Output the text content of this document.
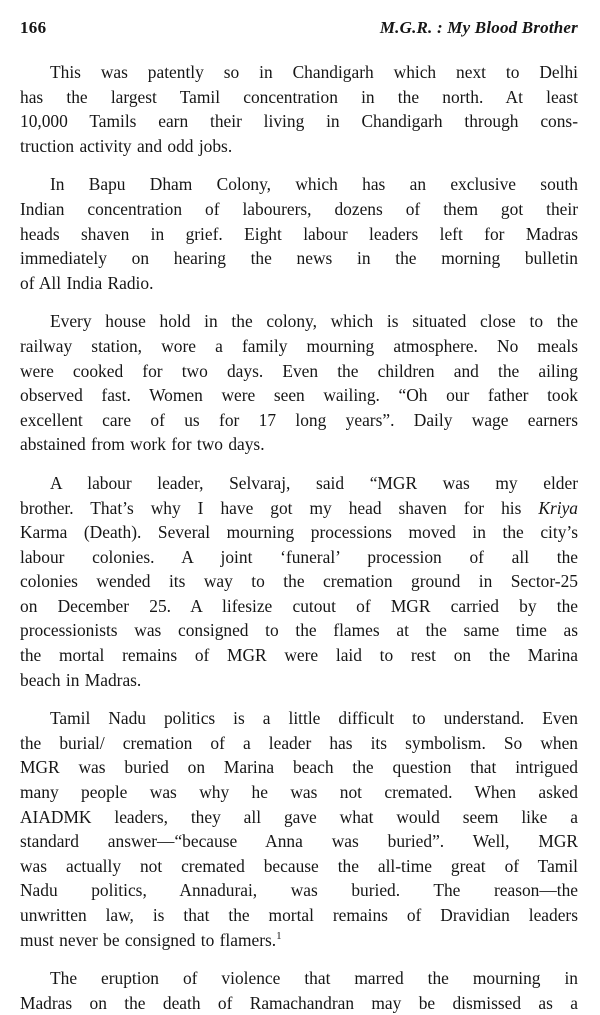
166	M.G.R. : My Blood Brother
This was patently so in Chandigarh which next to Delhi
has the largest Tamil concentration in the north. At least
10,000 Tamils earn their living in Chandigarh through cons-
truction activity and odd jobs.
In Bapu Dham Colony, which has an exclusive south
Indian concentration of labourers, dozens of them got their
heads shaven in grief. Eight labour leaders left for Madras
immediately on hearing the news in the morning bulletin
of All India Radio.
Every house hold in the colony, which is situated close to the
railway station, wore a family mourning atmosphere. No meals
were cooked for two days. Even the children and the ailing
observed fast. Women were seen wailing. “Oh our father took
excellent care of us for 17 long years”. Daily wage earners
abstained from work for two days.
A labour leader, Selvaraj, said “MGR was my elder
brother. That’s why I have got my head shaven for his Kriya
Karma (Death). Several mourning processions moved in the city’s
labour colonies. A joint ‘funeral’ procession of all the
colonies wended its way to the cremation ground in Sector-25
on December 25. A lifesize cutout of MGR carried by the
processionists was consigned to the flames at the same time as
the mortal remains of MGR were laid to rest on the Marina
beach in Madras.
Tamil Nadu politics is a little difficult to understand. Even
the burial/ cremation of a leader has its symbolism. So when
MGR was buried on Marina beach the question that intrigued
many people was why he was not cremated. When asked
AIADMK leaders, they all gave what would seem like a
standard answer—“because Anna was buried”. Well, MGR
was actually not cremated because the all-time great of Tamil
Nadu politics, Annadurai, was buried. The reason—the
unwritten law, is that the mortal remains of Dravidian leaders
must never be consigned to flamers.$^1$
The eruption of violence that marred the mourning in
Madras on the death of Ramachandran may be dismissed as a
